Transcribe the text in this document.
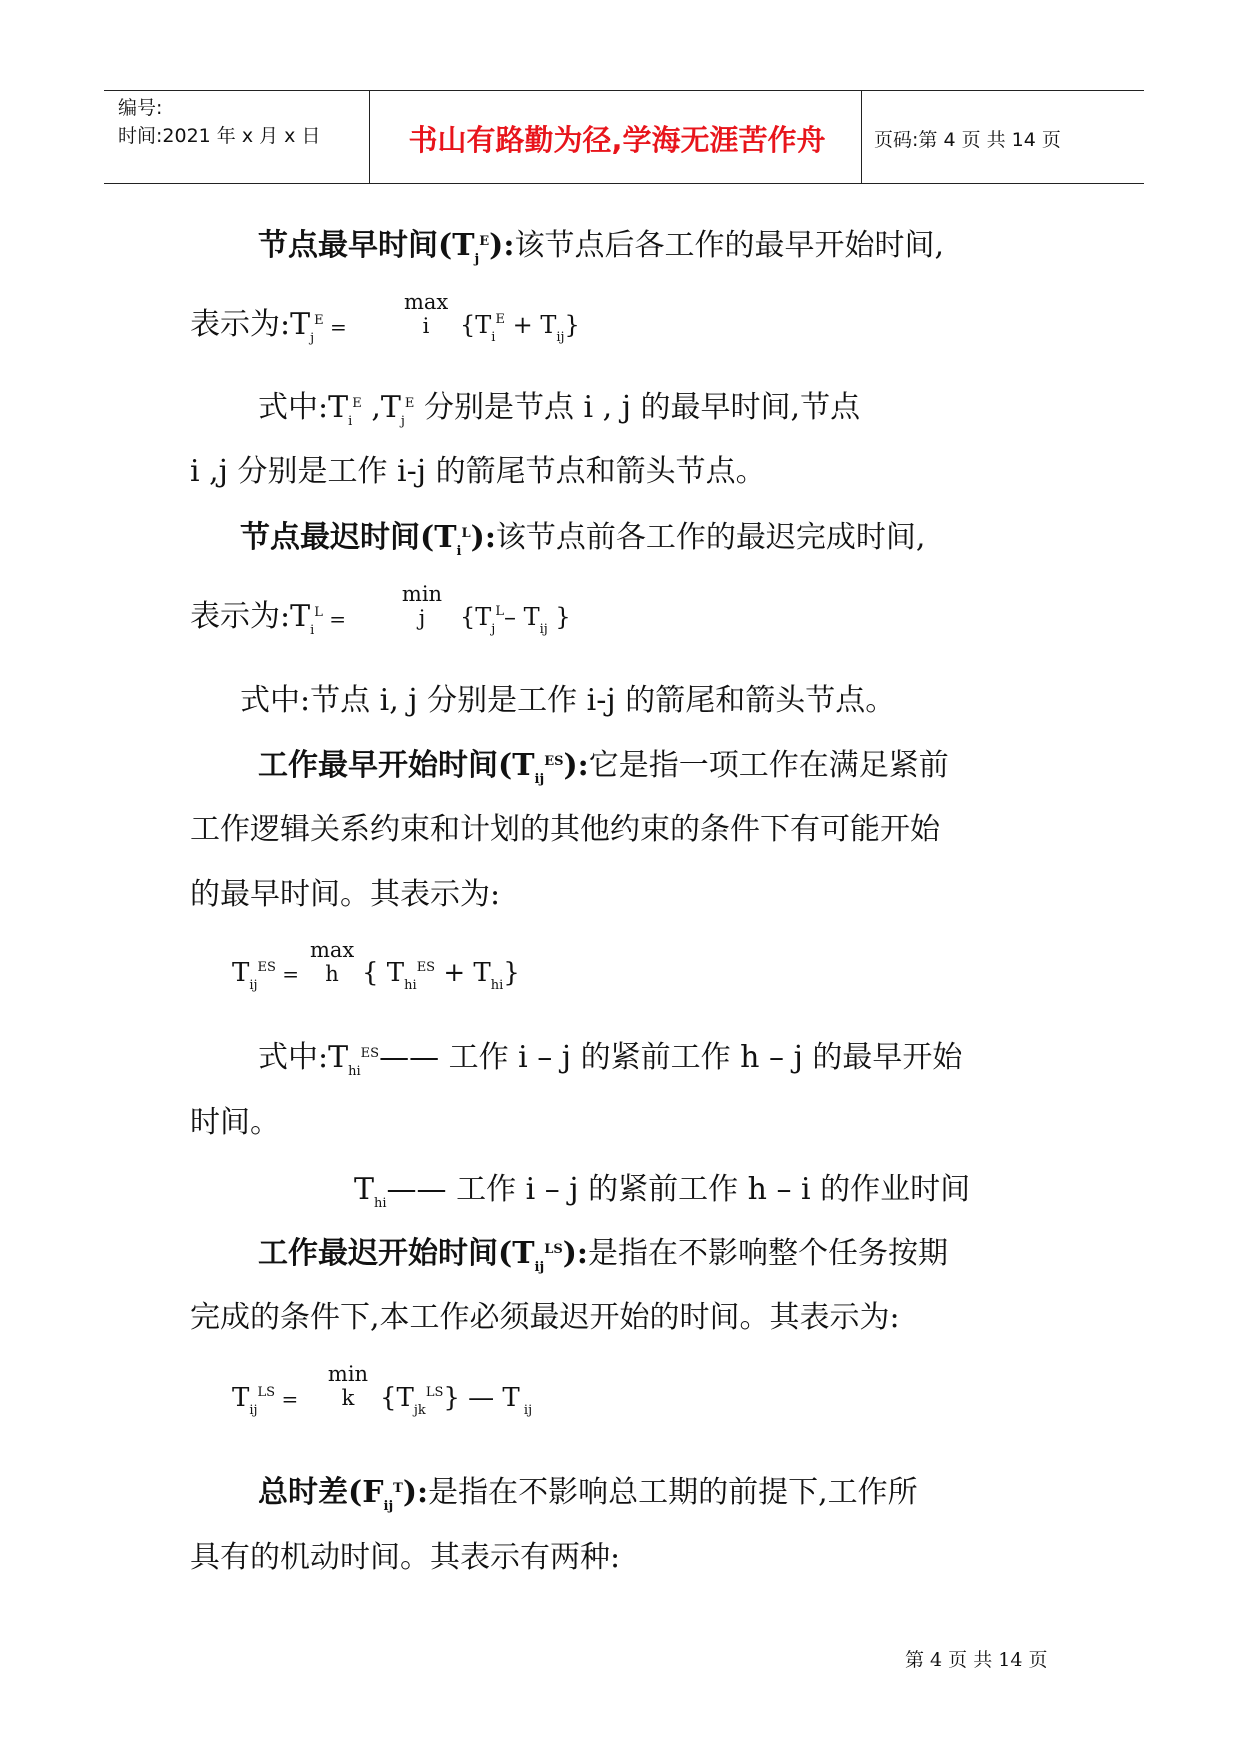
编号:
时间:2021 年 x 月 x 日	书山有路勤为径,学海无涯苦作舟	页码:第 4 页 共 14 页
节点最早时间$(T_j^E)$:该节点后各工作的最早开始时间,
表示为$:T_j^E$ =
max
i	$\{T_i^E + T_{ij}\}$
式中$:T_i^E$ $,T_j^E$ 分别是节点 i , j 的最早时间,节点
i ,j 分别是工作 i-j 的箭尾节点和箭头节点。
节点最迟时间$(T_i^L)$:该节点前各工作的最迟完成时间,
表示为$:T_i^L$ =
min
j	{$T_j^L-$ $T_{ij}$ }
式中:节点 i, j 分别是工作 i-j 的箭尾和箭头节点。
工作最早开始时间$(T_{ij}^{ES})$:它是指一项工作在满足紧前
工作逻辑关系约束和计划的其他约束的条件下有可能开始
的最早时间。其表示为:
$T_{ij}^{ES}$ =
max
h { $T_{hi}^{ES} + T_{hi}$}
式中$:T_{hi}^{ES}——$ 工作 i – j 的紧前工作 h – j 的最早开始
时间。
$T_{hi}——$ 工作 i – j 的紧前工作 h – i 的作业时间
工作最迟开始时间$(T_{ij}^{LS})$:是指在不影响整个任务按期
完成的条件下,本工作必须最迟开始的时间。其表示为:
$T_{ij}^{LS}$ =
min
k $\{T_{jk}^{LS}\}$ — T $_{ij}$
总时差$(F_{ij}^T)$:是指在不影响总工期的前提下,工作所
具有的机动时间。其表示有两种:
第 4 页 共 14 页
